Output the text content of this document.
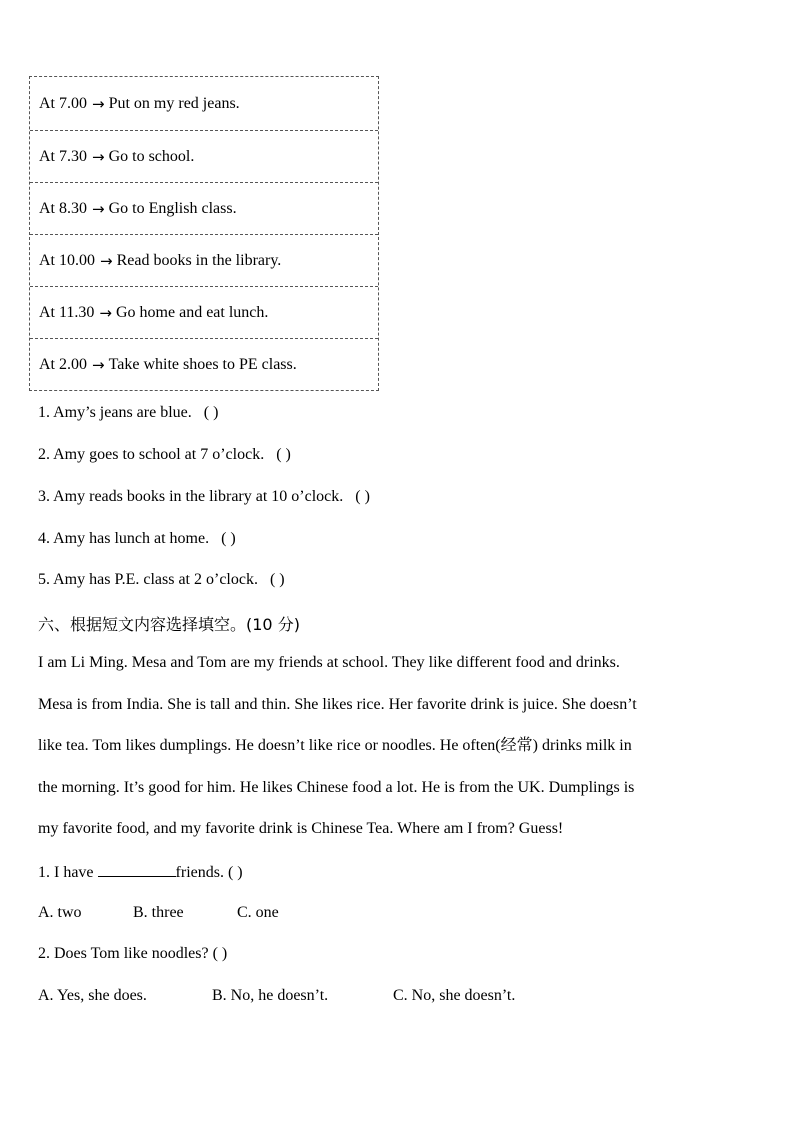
At 7.00 → Put on my red jeans.
At 7.30 → Go to school.
At 8.30 → Go to English class.
At 10.00 → Read books in the library.
At 11.30 → Go home and eat lunch.
At 2.00 → Take white shoes to PE class.
1. Amy’s jeans are blue. ( )
2. Amy goes to school at 7 o’clock. ( )
3. Amy reads books in the library at 10 o’clock. ( )
4. Amy has lunch at home. ( )
5. Amy has P.E. class at 2 o’clock. ( )
六、根据短文内容选择填空。(10 分)
I am Li Ming. Mesa and Tom are my friends at school. They like different food and drinks.
Mesa is from India. She is tall and thin. She likes rice. Her favorite drink is juice. She doesn’t
like tea. Tom likes dumplings. He doesn’t like rice or noodles. He often(经常) drinks milk in
the morning. It’s good for him. He likes Chinese food a lot. He is from the UK. Dumplings is
my favorite food, and my favorite drink is Chinese Tea. Where am I from? Guess!
1. I have	friends. ( )
A. two	B. three	C. one
2. Does Tom like noodles? ( )
A. Yes, she does.	B. No, he doesn’t.	C. No, she doesn’t.
